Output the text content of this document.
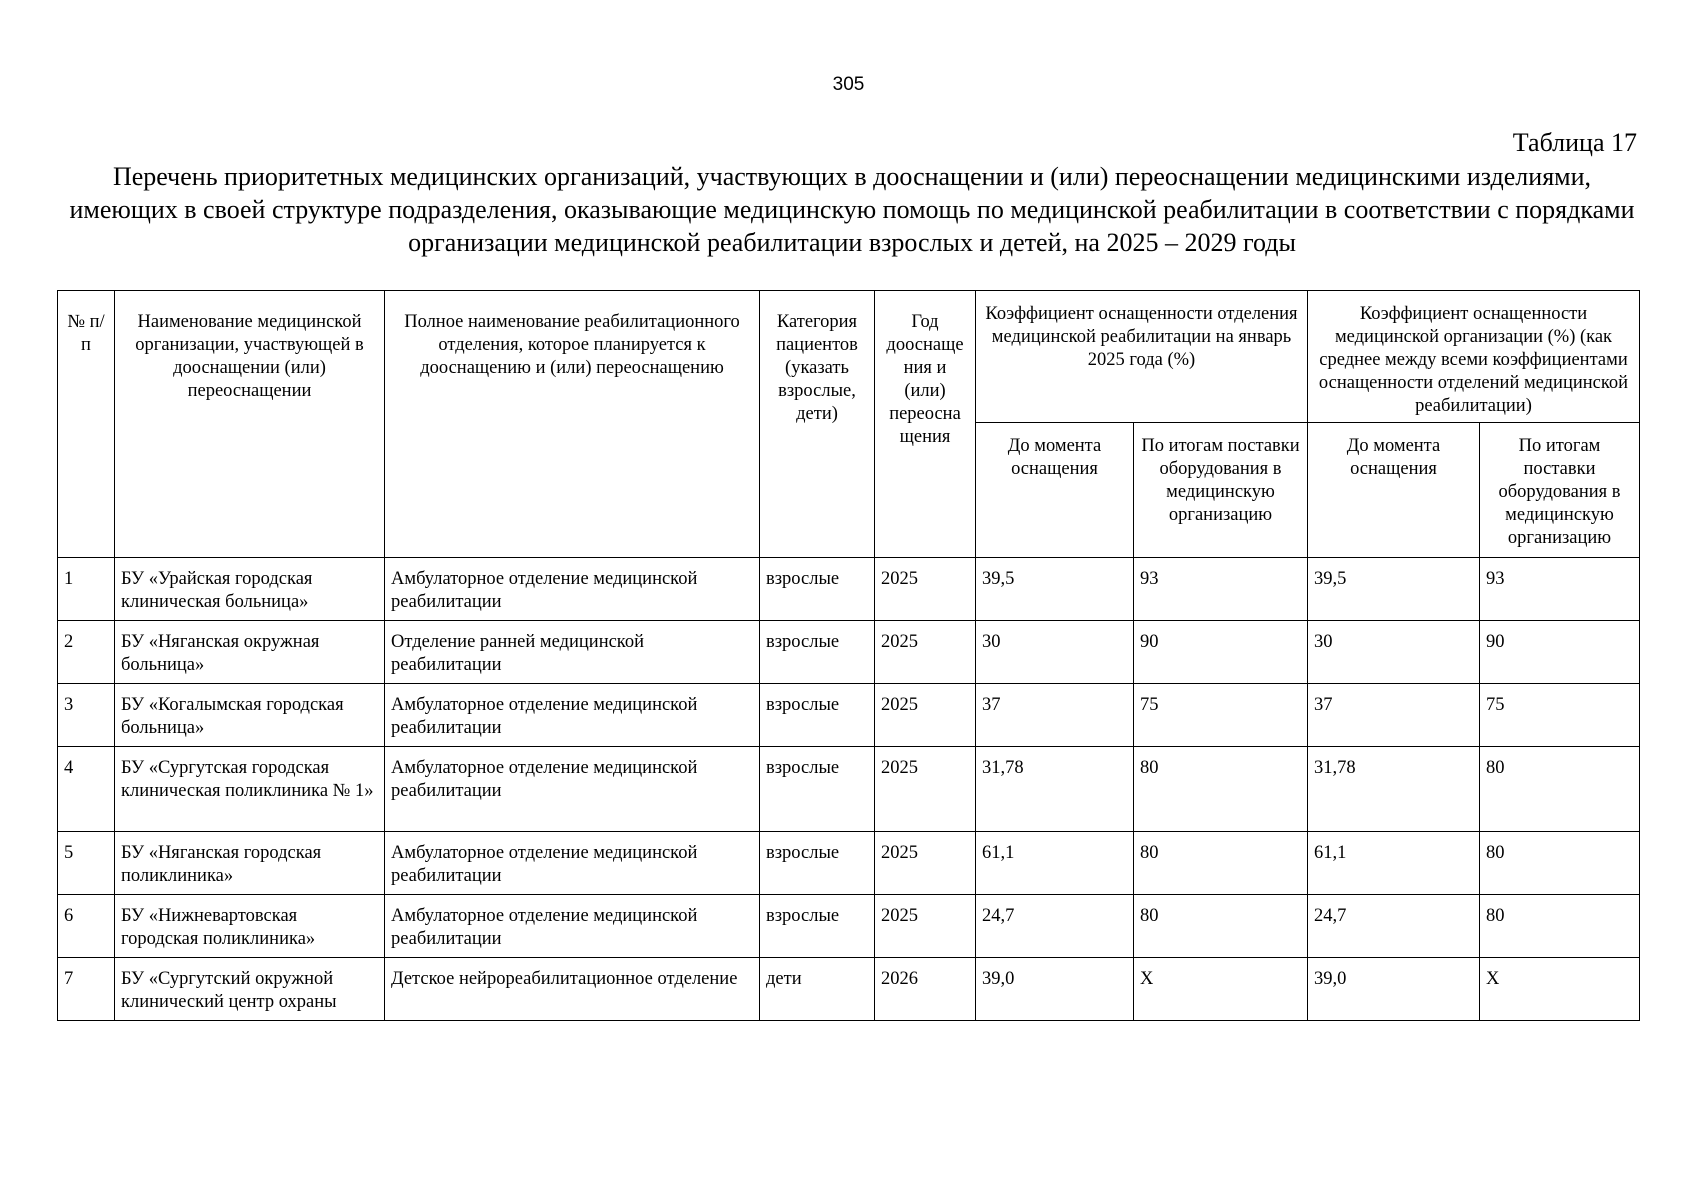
305
Таблица 17
Перечень приоритетных медицинских организаций, участвующих в дооснащении и (или) переоснащении медицинскими изделиями, имеющих в своей структуре подразделения, оказывающие медицинскую помощь по медицинской реабилитации в соответствии с порядками организации медицинской реабилитации взрослых и детей, на 2025 – 2029 годы
№ п/п	Наименование медицинской организации, участвующей в дооснащении (или) переоснащении	Полное наименование реабилитационного отделения, которое планируется к дооснащению и (или) переоснащению	Категория пациентов (указать взрослые, дети)	Год дооснаще ния и (или) переосна щения	Коэффициент оснащенности отделения медицинской реабилитации на январь 2025 года (%)		Коэффициент оснащенности медицинской организации (%) (как среднее между всеми коэффициентами оснащенности отделений медицинской реабилитации)	
					До момента оснащения	По итогам поставки оборудования в медицинскую организацию	До момента оснащения	По итогам поставки оборудования в медицинскую организацию
1	БУ «Урайская городская клиническая больница»	Амбулаторное отделение медицинской реабилитации	взрослые	2025	39,5	93	39,5	93
2	БУ «Няганская окружная больница»	Отделение ранней медицинской реабилитации	взрослые	2025	30	90	30	90
3	БУ «Когалымская городская больница»	Амбулаторное отделение медицинской реабилитации	взрослые	2025	37	75	37	75
4	БУ «Сургутская городская клиническая поликлиника № 1»	Амбулаторное отделение медицинской реабилитации	взрослые	2025	31,78	80	31,78	80
5	БУ «Няганская городская поликлиника»	Амбулаторное отделение медицинской реабилитации	взрослые	2025	61,1	80	61,1	80
6	БУ «Нижневартовская городская поликлиника»	Амбулаторное отделение медицинской реабилитации	взрослые	2025	24,7	80	24,7	80
7	БУ «Сургутский окружной клинический центр охраны	Детское нейрореабилитационное отделение	дети	2026	39,0	Х	39,0	Х
